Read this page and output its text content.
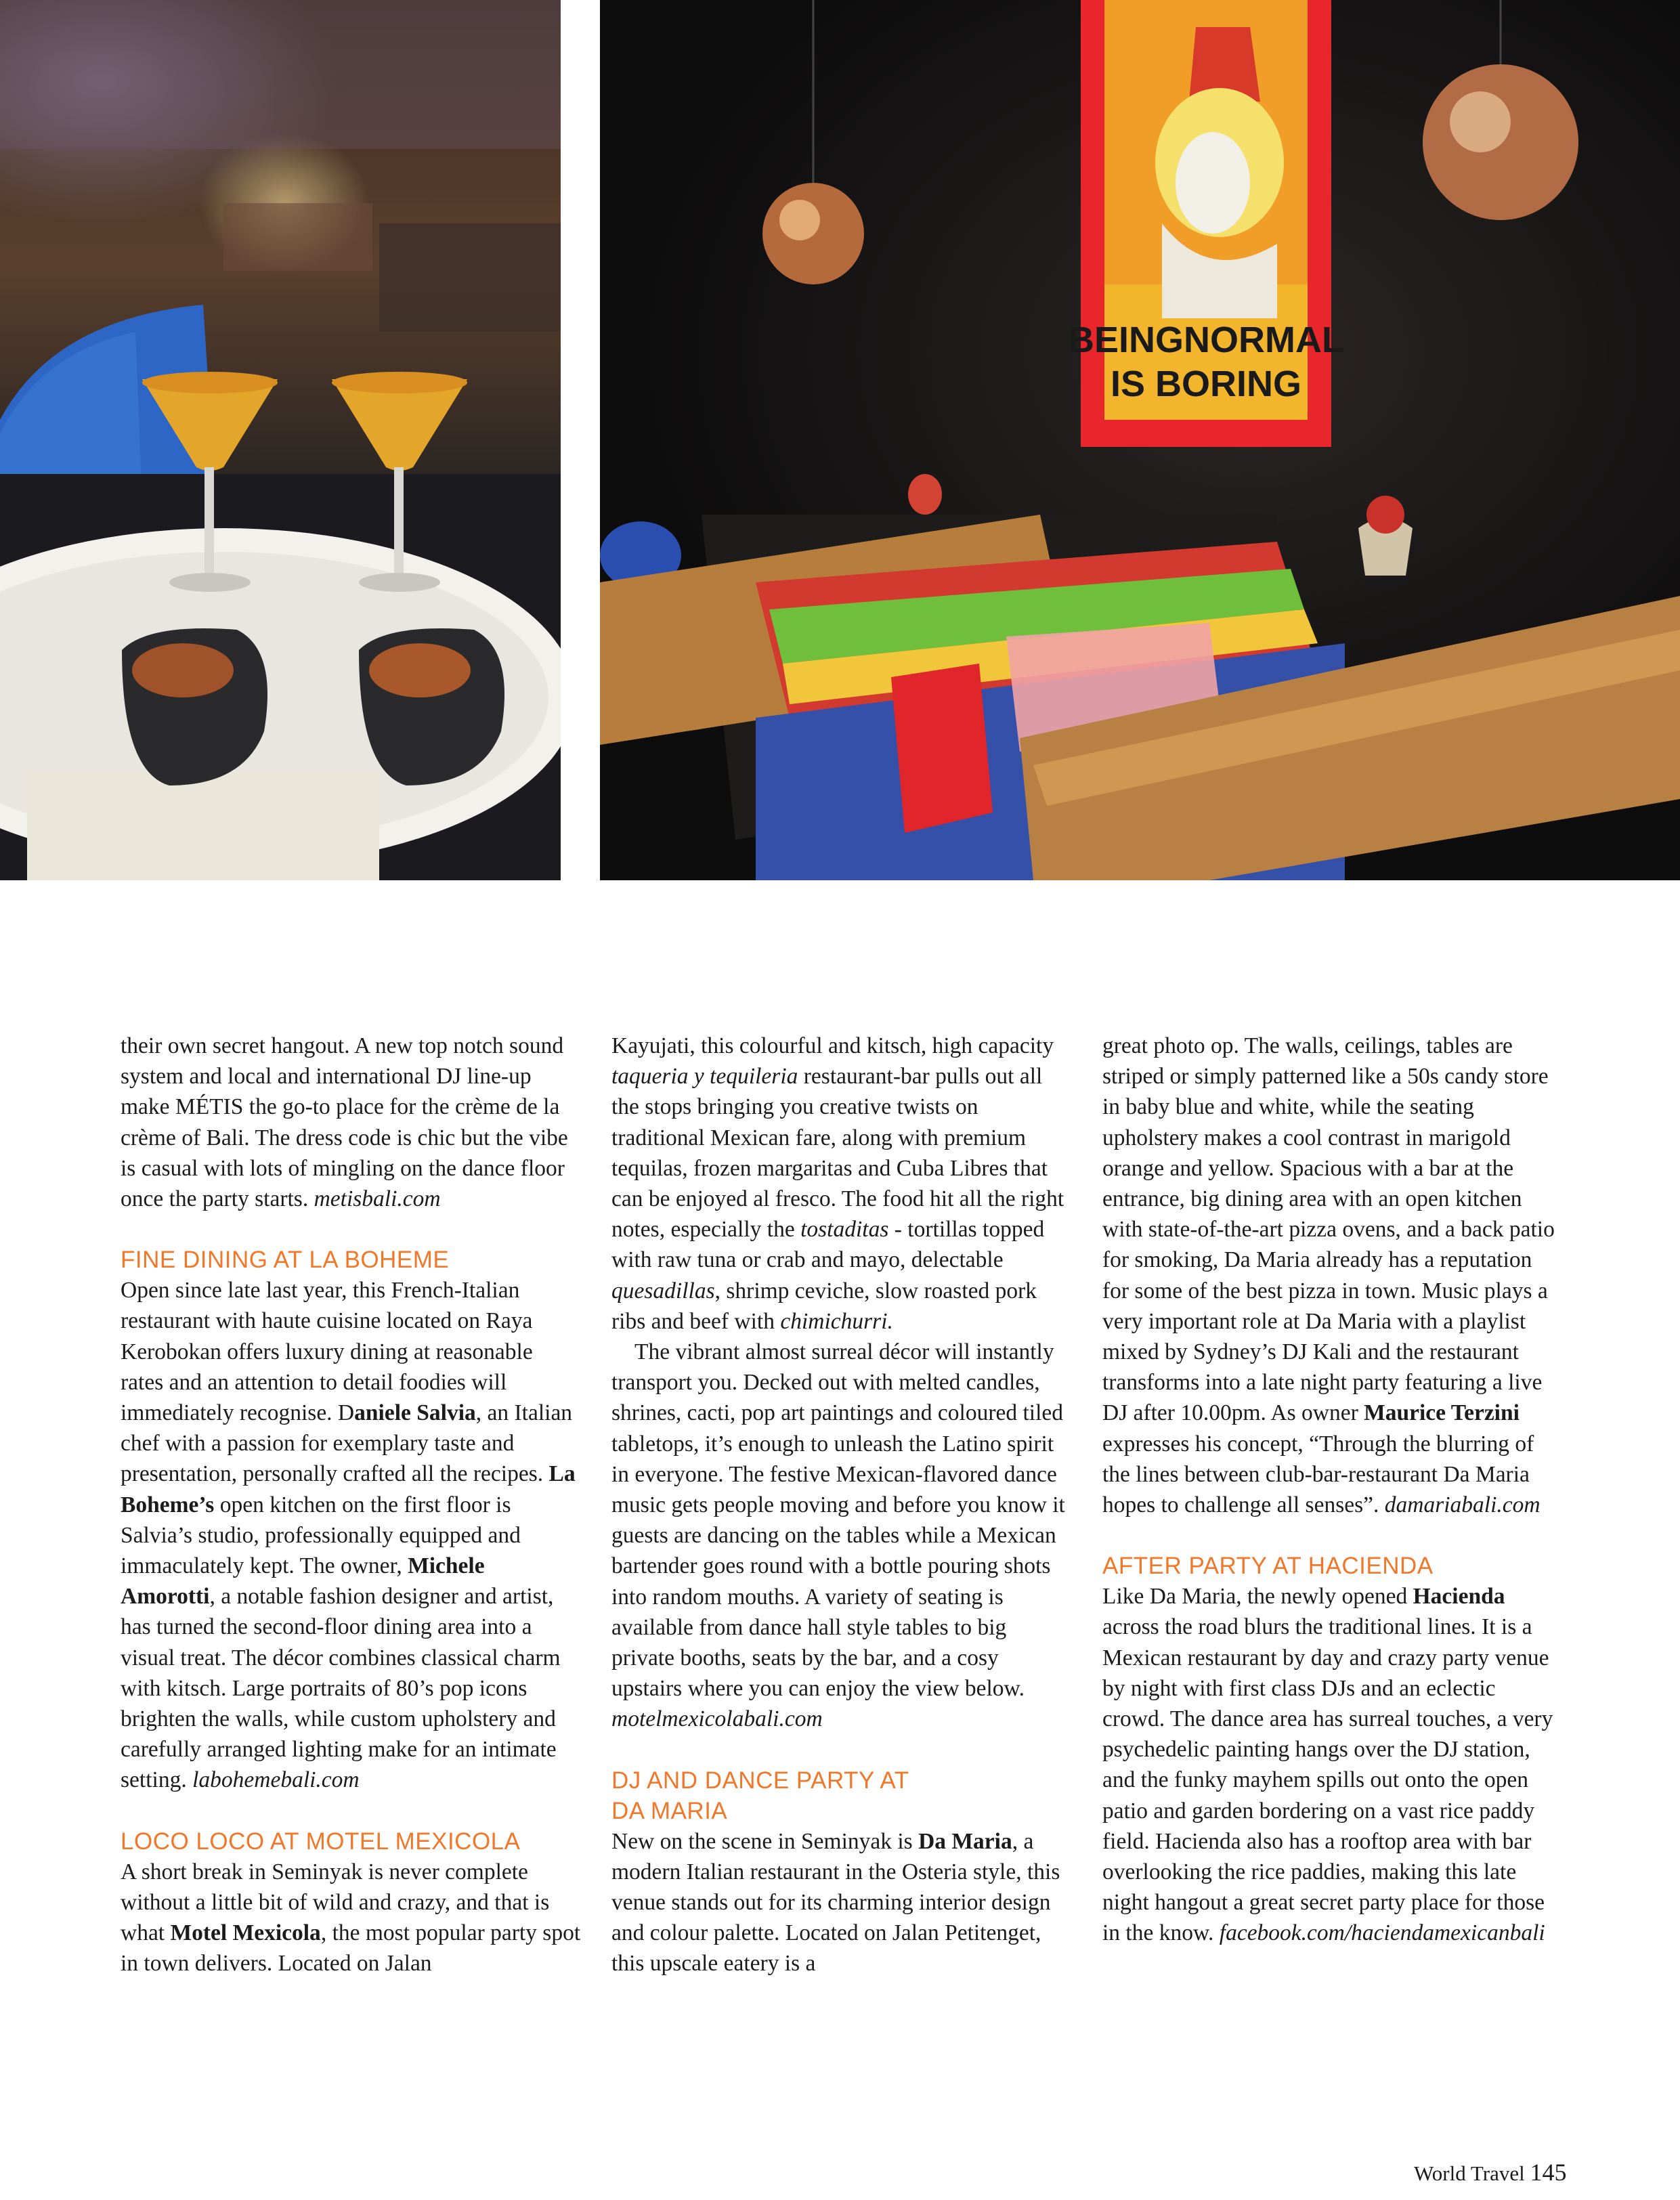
BEINGNORMAL
IS BORING

their own secret hangout. A new top notch sound system and local and international DJ line-up make MÉTIS the go-to place for the crème de la crème of Bali. The dress code is chic but the vibe is casual with lots of mingling on the dance floor once the party starts. metisbali.com

FINE DINING AT LA BOHEME

Open since late last year, this French-Italian restaurant with haute cuisine located on Raya Kerobokan offers luxury dining at reasonable rates and an attention to detail foodies will immediately recognise. Daniele Salvia, an Italian chef with a passion for exemplary taste and presentation, personally crafted all the recipes. La Boheme’s open kitchen on the first floor is Salvia’s studio, professionally equipped and immaculately kept. The owner, Michele Amorotti, a notable fashion designer and artist, has turned the second-floor dining area into a visual treat. The décor combines classical charm with kitsch. Large portraits of 80’s pop icons brighten the walls, while custom upholstery and carefully arranged lighting make for an intimate setting. labohemebali.com

LOCO LOCO AT MOTEL MEXICOLA

A short break in Seminyak is never complete without a little bit of wild and crazy, and that is what Motel Mexicola, the most popular party spot in town delivers. Located on Jalan

Kayujati, this colourful and kitsch, high capacity taqueria y tequileria restaurant-bar pulls out all the stops bringing you creative twists on traditional Mexican fare, along with premium tequilas, frozen margaritas and Cuba Libres that can be enjoyed al fresco. The food hit all the right notes, especially the tostaditas - tortillas topped with raw tuna or crab and mayo, delectable quesadillas, shrimp ceviche, slow roasted pork ribs and beef with chimichurri.

The vibrant almost surreal décor will instantly transport you. Decked out with melted candles, shrines, cacti, pop art paintings and coloured tiled tabletops, it’s enough to unleash the Latino spirit in everyone. The festive Mexican-flavored dance music gets people moving and before you know it guests are dancing on the tables while a Mexican bartender goes round with a bottle pouring shots into random mouths. A variety of seating is available from dance hall style tables to big private booths, seats by the bar, and a cosy upstairs where you can enjoy the view below. motelmexicolabali.com

DJ AND DANCE PARTY AT
DA MARIA

New on the scene in Seminyak is Da Maria, a modern Italian restaurant in the Osteria style, this venue stands out for its charming interior design and colour palette. Located on Jalan Petitenget, this upscale eatery is a

great photo op. The walls, ceilings, tables are striped or simply patterned like a 50s candy store in baby blue and white, while the seating upholstery makes a cool contrast in marigold orange and yellow. Spacious with a bar at the entrance, big dining area with an open kitchen with state-of-the-art pizza ovens, and a back patio for smoking, Da Maria already has a reputation for some of the best pizza in town. Music plays a very important role at Da Maria with a playlist mixed by Sydney’s DJ Kali and the restaurant transforms into a late night party featuring a live DJ after 10.00pm. As owner Maurice Terzini expresses his concept, “Through the blurring of the lines between club-bar-restaurant Da Maria hopes to challenge all senses”. damariabali.com

AFTER PARTY AT HACIENDA

Like Da Maria, the newly opened Hacienda across the road blurs the traditional lines. It is a Mexican restaurant by day and crazy party venue by night with first class DJs and an eclectic crowd. The dance area has surreal touches, a very psychedelic painting hangs over the DJ station, and the funky mayhem spills out onto the open patio and garden bordering on a vast rice paddy field. Hacienda also has a rooftop area with bar overlooking the rice paddies, making this late night hangout a great secret party place for those in the know. facebook.com/haciendamexicanbali

World Travel 145
